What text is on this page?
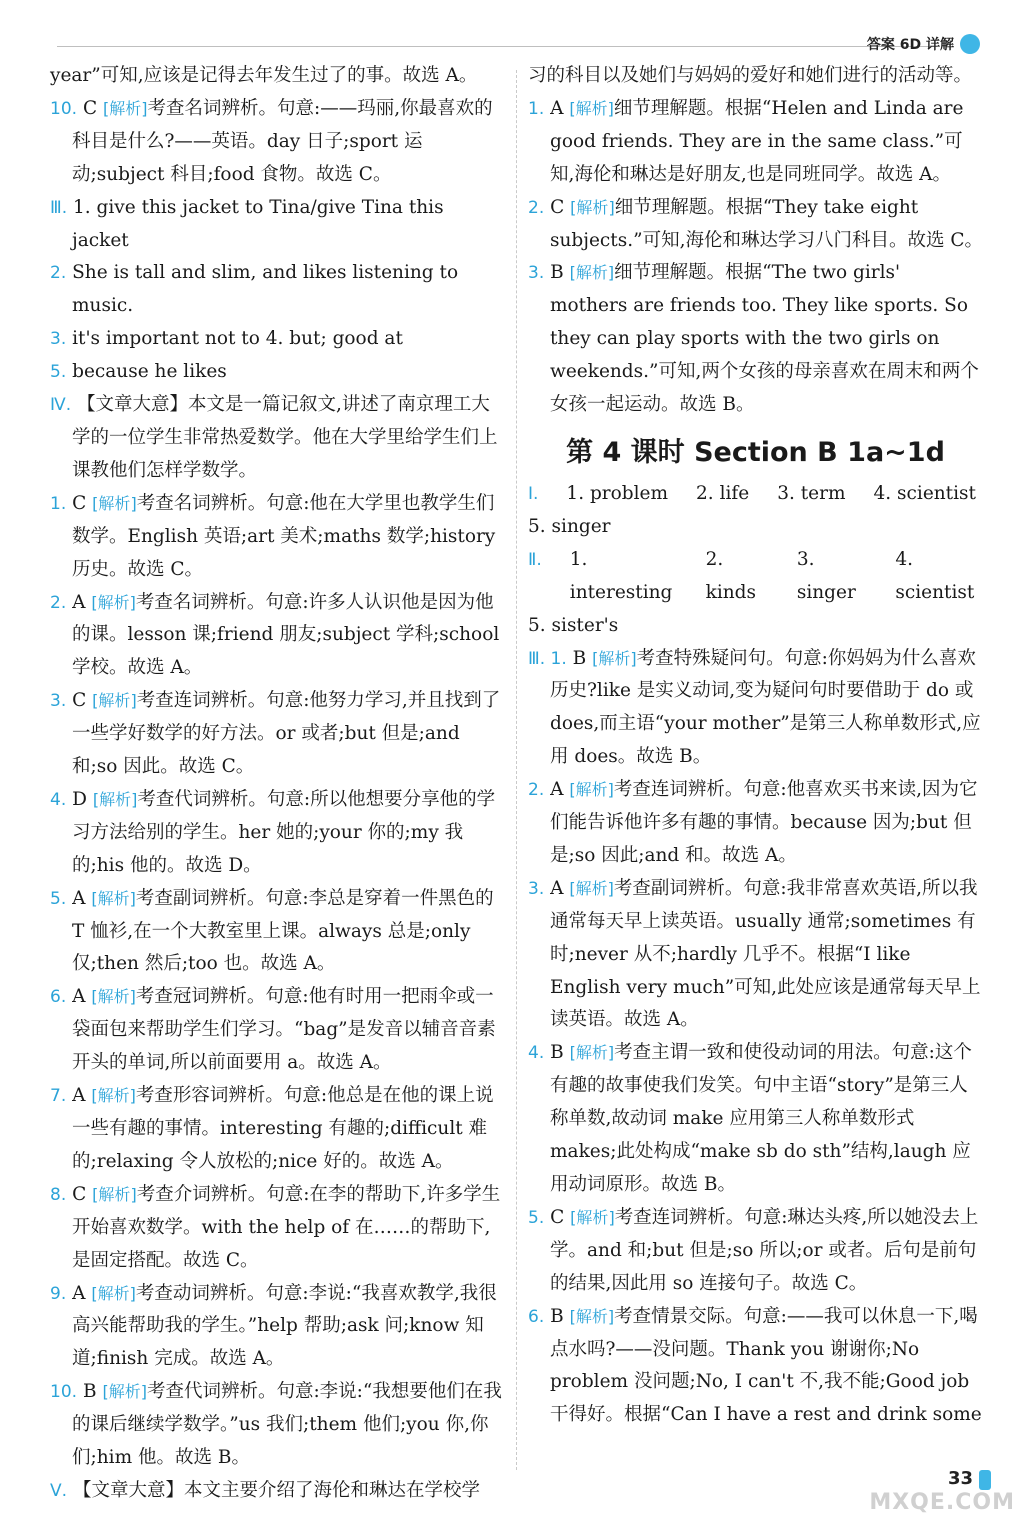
答案 6D 详解

year”可知,应该是记得去年发生过了的事。故选 A。

10. C [解析]考查名词辨析。句意:——玛丽,你最喜欢的科目是什么?——英语。day 日子;sport 运动;subject 科目;food 食物。故选 C。

Ⅲ. 1. give this jacket to Tina/give Tina this jacket

2. She is tall and slim, and likes listening to music.

3. it's important not to 4. but; good at

5. because he likes

Ⅳ. 【文章大意】本文是一篇记叙文,讲述了南京理工大学的一位学生非常热爱数学。他在大学里给学生们上课教他们怎样学数学。

1. C [解析]考查名词辨析。句意:他在大学里也教学生们数学。English 英语;art 美术;maths 数学;history 历史。故选 C。

2. A [解析]考查名词辨析。句意:许多人认识他是因为他的课。lesson 课;friend 朋友;subject 学科;school 学校。故选 A。

3. C [解析]考查连词辨析。句意:他努力学习,并且找到了一些学好数学的好方法。or 或者;but 但是;and 和;so 因此。故选 C。

4. D [解析]考查代词辨析。句意:所以他想要分享他的学习方法给别的学生。her 她的;your 你的;my 我的;his 他的。故选 D。

5. A [解析]考查副词辨析。句意:李总是穿着一件黑色的 T 恤衫,在一个大教室里上课。always 总是;only 仅;then 然后;too 也。故选 A。

6. A [解析]考查冠词辨析。句意:他有时用一把雨伞或一袋面包来帮助学生们学习。“bag”是发音以辅音音素开头的单词,所以前面要用 a。故选 A。

7. A [解析]考查形容词辨析。句意:他总是在他的课上说一些有趣的事情。interesting 有趣的;difficult 难的;relaxing 令人放松的;nice 好的。故选 A。

8. C [解析]考查介词辨析。句意:在李的帮助下,许多学生开始喜欢数学。with the help of 在……的帮助下,是固定搭配。故选 C。

9. A [解析]考查动词辨析。句意:李说:“我喜欢教学,我很高兴能帮助我的学生。”help 帮助;ask 问;know 知道;finish 完成。故选 A。

10. B [解析]考查代词辨析。句意:李说:“我想要他们在我的课后继续学数学。”us 我们;them 他们;you 你,你们;him 他。故选 B。

Ⅴ. 【文章大意】本文主要介绍了海伦和琳达在学校学

习的科目以及她们与妈妈的爱好和她们进行的活动等。

1. A [解析]细节理解题。根据“Helen and Linda are good friends. They are in the same class.”可知,海伦和琳达是好朋友,也是同班同学。故选 A。

2. C [解析]细节理解题。根据“They take eight subjects.”可知,海伦和琳达学习八门科目。故选 C。

3. B [解析]细节理解题。根据“The two girls' mothers are friends too. They like sports. So they can play sports with the two girls on weekends.”可知,两个女孩的母亲喜欢在周末和两个女孩一起运动。故选 B。

第 4 课时 Section B 1a~1d

Ⅰ. 1. problem 2. life 3. term 4. scientist

5. singer

Ⅱ. 1. interesting
2. kinds
3. singer
4. scientist

5. sister's

Ⅲ. 1. B [解析]考查特殊疑问句。句意:你妈妈为什么喜欢历史?like 是实义动词,变为疑问句时要借助于 do 或 does,而主语“your mother”是第三人称单数形式,应用 does。故选 B。

2. A [解析]考查连词辨析。句意:他喜欢买书来读,因为它们能告诉他许多有趣的事情。because 因为;but 但是;so 因此;and 和。故选 A。

3. A [解析]考查副词辨析。句意:我非常喜欢英语,所以我通常每天早上读英语。usually 通常;sometimes 有时;never 从不;hardly 几乎不。根据“I like English very much”可知,此处应该是通常每天早上读英语。故选 A。

4. B [解析]考查主谓一致和使役动词的用法。句意:这个有趣的故事使我们发笑。句中主语“story”是第三人称单数,故动词 make 应用第三人称单数形式 makes;此处构成“make sb do sth”结构,laugh 应用动词原形。故选 B。

5. C [解析]考查连词辨析。句意:琳达头疼,所以她没去上学。and 和;but 但是;so 所以;or 或者。后句是前句的结果,因此用 so 连接句子。故选 C。

6. B [解析]考查情景交际。句意:——我可以休息一下,喝点水吗?——没问题。Thank you 谢谢你;No problem 没问题;No, I can't 不,我不能;Good job 干得好。根据“Can I have a rest and drink some

33
MXQE.COM
